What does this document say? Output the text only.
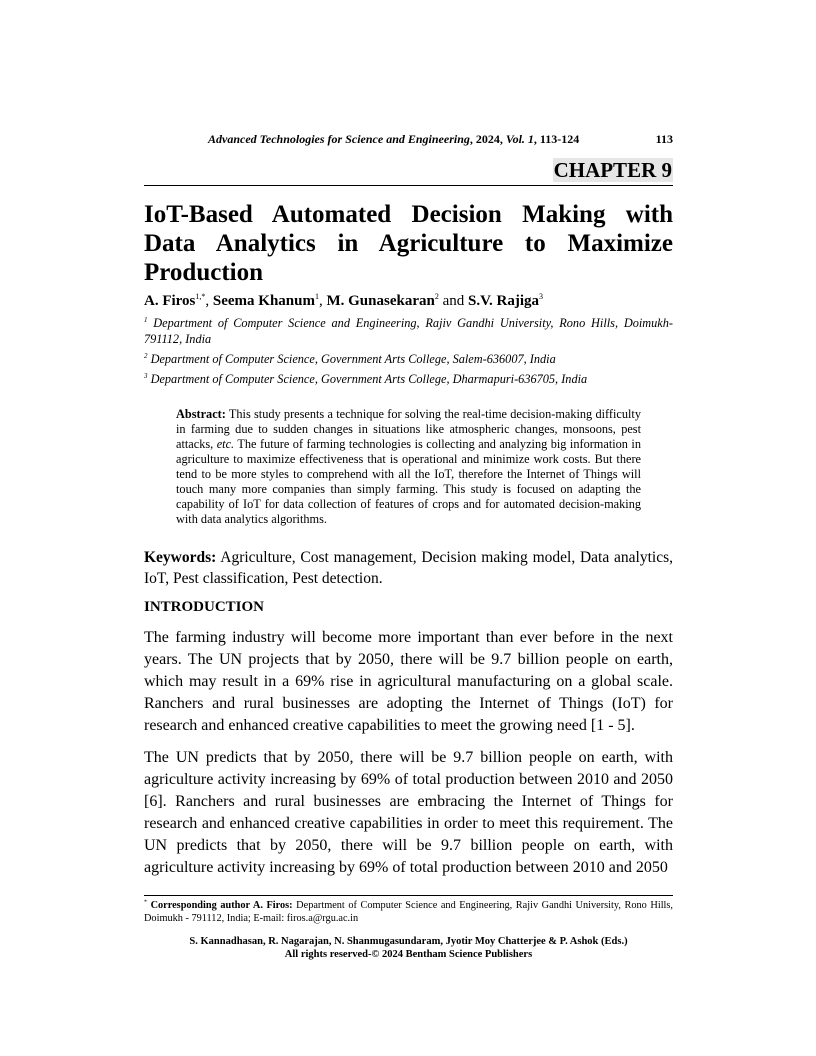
Advanced Technologies for Science and Engineering, 2024, Vol. 1, 113-124	113
CHAPTER 9
IoT-Based Automated Decision Making with Data Analytics in Agriculture to Maximize Production
A. Firos$^{1,*}$, Seema Khanum$^1$, M. Gunasekaran$^2$ and S.V. Rajiga$^3$
$^1$ Department of Computer Science and Engineering, Rajiv Gandhi University, Rono Hills, Doimukh-791112, India
$^2$ Department of Computer Science, Government Arts College, Salem-636007, India
$^3$ Department of Computer Science, Government Arts College, Dharmapuri-636705, India
Abstract: This study presents a technique for solving the real-time decision-making difficulty in farming due to sudden changes in situations like atmospheric changes, monsoons, pest attacks, etc. The future of farming technologies is collecting and analyzing big information in agriculture to maximize effectiveness that is operational and minimize work costs. But there tend to be more styles to comprehend with all the IoT, therefore the Internet of Things will touch many more companies than simply farming. This study is focused on adapting the capability of IoT for data collection of features of crops and for automated decision-making with data analytics algorithms.
Keywords: Agriculture, Cost management, Decision making model, Data analytics, IoT, Pest classification, Pest detection.
INTRODUCTION
The farming industry will become more important than ever before in the next years. The UN projects that by 2050, there will be 9.7 billion people on earth, which may result in a 69% rise in agricultural manufacturing on a global scale. Ranchers and rural businesses are adopting the Internet of Things (IoT) for research and enhanced creative capabilities to meet the growing need [1 - 5].
The UN predicts that by 2050, there will be 9.7 billion people on earth, with agriculture activity increasing by 69% of total production between 2010 and 2050 [6]. Ranchers and rural businesses are embracing the Internet of Things for research and enhanced creative capabilities in order to meet this requirement. The UN predicts that by 2050, there will be 9.7 billion people on earth, with agriculture activity increasing by 69% of total production between 2010 and 2050
* Corresponding author A. Firos: Department of Computer Science and Engineering, Rajiv Gandhi University, Rono Hills, Doimukh - 791112, India; E-mail: firos.a@rgu.ac.in
S. Kannadhasan, R. Nagarajan, N. Shanmugasundaram, Jyotir Moy Chatterjee & P. Ashok (Eds.)
All rights reserved-© 2024 Bentham Science Publishers
